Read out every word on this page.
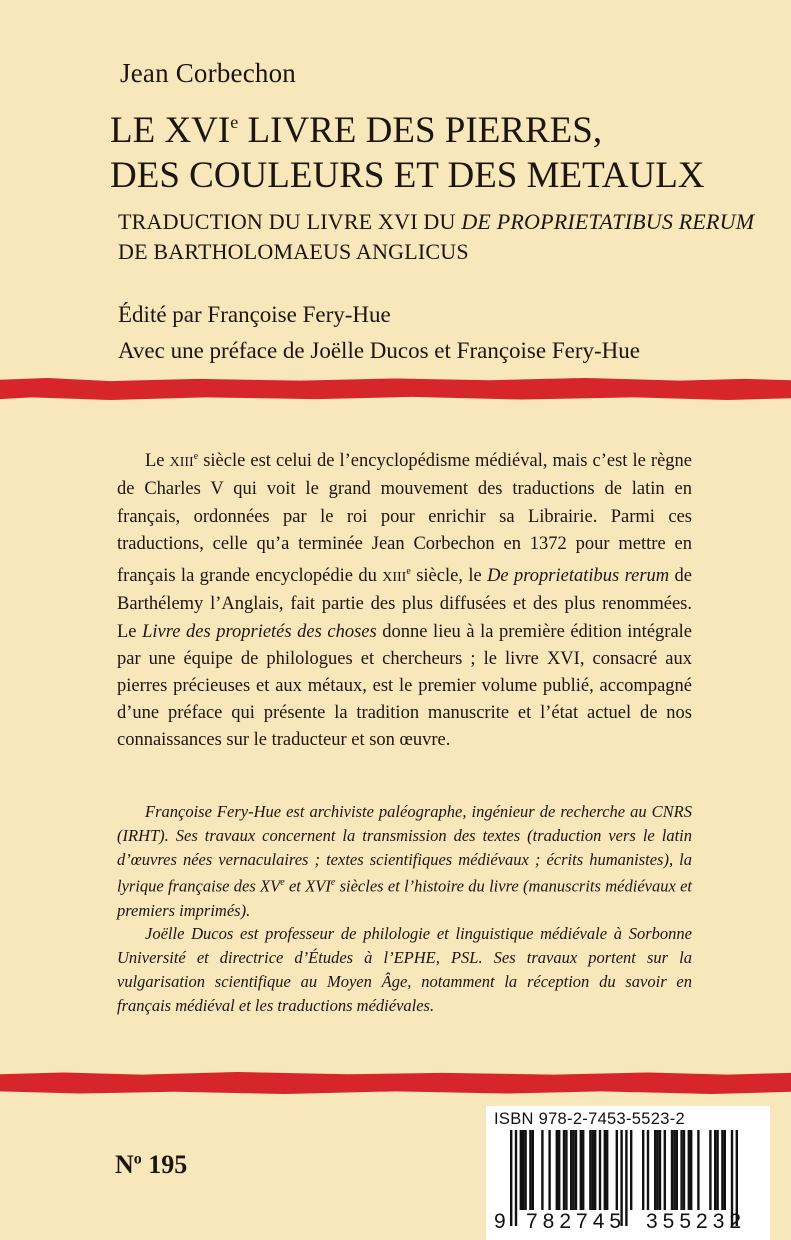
Jean Corbechon
LE XVIe LIVRE DES PIERRES,
DES COULEURS ET DES METAULX
TRADUCTION DU LIVRE XVI DU DE PROPRIETATIBUS RERUM DE BARTHOLOMAEUS ANGLICUS
Édité par Françoise Fery-Hue
Avec une préface de Joëlle Ducos et Françoise Fery-Hue
Le XIIIe siècle est celui de l’encyclopédisme médiéval, mais c’est le règne de Charles V qui voit le grand mouvement des traductions de latin en français, ordonnées par le roi pour enrichir sa Librairie. Parmi ces traductions, celle qu’a terminée Jean Corbechon en 1372 pour mettre en français la grande encyclopédie du XIIIe siècle, le De proprietatibus rerum de Barthélemy l’Anglais, fait partie des plus diffusées et des plus renommées. Le Livre des proprietés des choses donne lieu à la première édition intégrale par une équipe de philologues et chercheurs ; le livre XVI, consacré aux pierres précieuses et aux métaux, est le premier volume publié, accompagné d’une préface qui présente la tradition manuscrite et l’état actuel de nos connaissances sur le traducteur et son œuvre.

Françoise Fery-Hue est archiviste paléographe, ingénieur de recherche au CNRS (IRHT). Ses travaux concernent la transmission des textes (traduction vers le latin d’œuvres nées vernaculaires ; textes scientifiques médiévaux ; écrits humanistes), la lyrique française des XVe et XVIe siècles et l’histoire du livre (manuscrits médiévaux et premiers imprimés).

Joëlle Ducos est professeur de philologie et linguistique médiévale à Sorbonne Université et directrice d’Études à l’EPHE, PSL. Ses travaux portent sur la vulgarisation scientifique au Moyen Âge, notamment la réception du savoir en français médiéval et les traductions médiévales.

$N^o$ 195
ISBN 978-2-7453-5523-2
9 782745 355232
